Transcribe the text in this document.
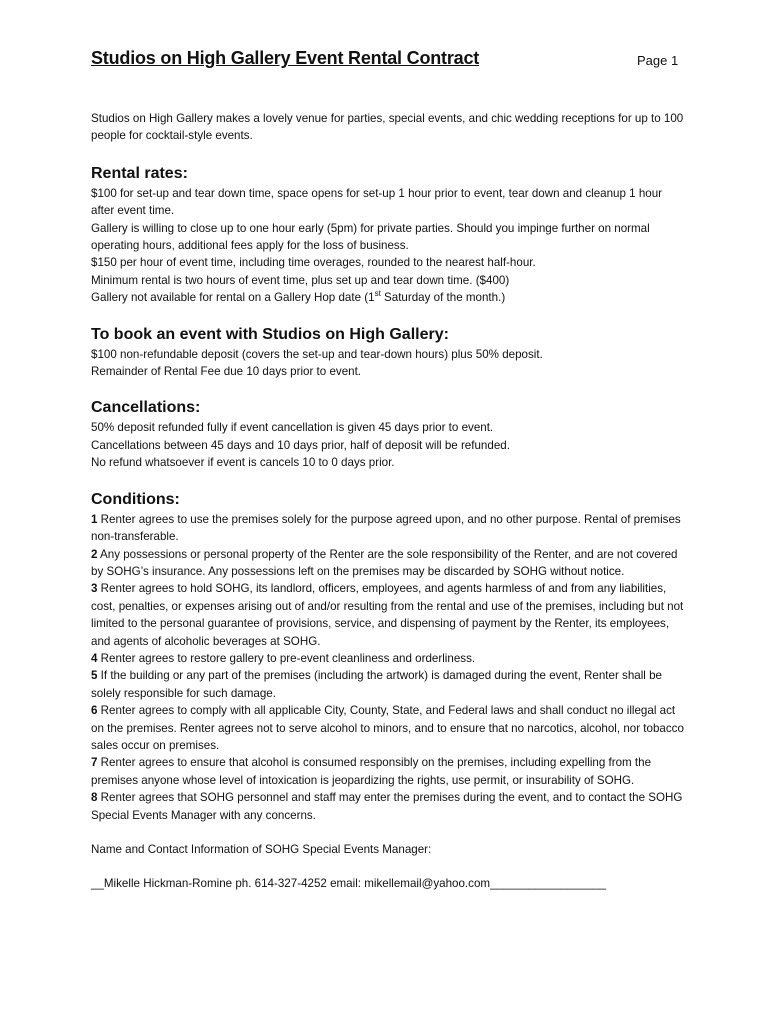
Studios on High Gallery Event Rental Contract	Page 1

Studios on High Gallery makes a lovely venue for parties, special events, and chic wedding receptions for up to 100 people for cocktail-style events.

Rental rates:
$100 for set-up and tear down time, space opens for set-up 1 hour prior to event, tear down and cleanup 1 hour after event time.
Gallery is willing to close up to one hour early (5pm) for private parties. Should you impinge further on normal operating hours, additional fees apply for the loss of business.
$150 per hour of event time, including time overages, rounded to the nearest half-hour.
Minimum rental is two hours of event time, plus set up and tear down time. ($400)
Gallery not available for rental on a Gallery Hop date (1st Saturday of the month.)
To book an event with Studios on High Gallery:
$100 non-refundable deposit (covers the set-up and tear-down hours) plus 50% deposit.
Remainder of Rental Fee due 10 days prior to event.
Cancellations:
50% deposit refunded fully if event cancellation is given 45 days prior to event.
Cancellations between 45 days and 10 days prior, half of deposit will be refunded.
No refund whatsoever if event is cancels 10 to 0 days prior.
Conditions:
1 Renter agrees to use the premises solely for the purpose agreed upon, and no other purpose. Rental of premises non-transferable.
2 Any possessions or personal property of the Renter are the sole responsibility of the Renter, and are not covered by SOHG’s insurance. Any possessions left on the premises may be discarded by SOHG without notice.
3 Renter agrees to hold SOHG, its landlord, officers, employees, and agents harmless of and from any liabilities, cost, penalties, or expenses arising out of and/or resulting from the rental and use of the premises, including but not limited to the personal guarantee of provisions, service, and dispensing of payment by the Renter, its employees, and agents of alcoholic beverages at SOHG.
4 Renter agrees to restore gallery to pre-event cleanliness and orderliness.
5 If the building or any part of the premises (including the artwork) is damaged during the event, Renter shall be solely responsible for such damage.
6 Renter agrees to comply with all applicable City, County, State, and Federal laws and shall conduct no illegal act on the premises. Renter agrees not to serve alcohol to minors, and to ensure that no narcotics, alcohol, nor tobacco sales occur on premises.
7 Renter agrees to ensure that alcohol is consumed responsibly on the premises, including expelling from the premises anyone whose level of intoxication is jeopardizing the rights, use permit, or insurability of SOHG.
8 Renter agrees that SOHG personnel and staff may enter the premises during the event, and to contact the SOHG Special Events Manager with any concerns.

Name and Contact Information of SOHG Special Events Manager:

__Mikelle Hickman-Romine ph. 614-327-4252 email: mikellemail@yahoo.com__________________
